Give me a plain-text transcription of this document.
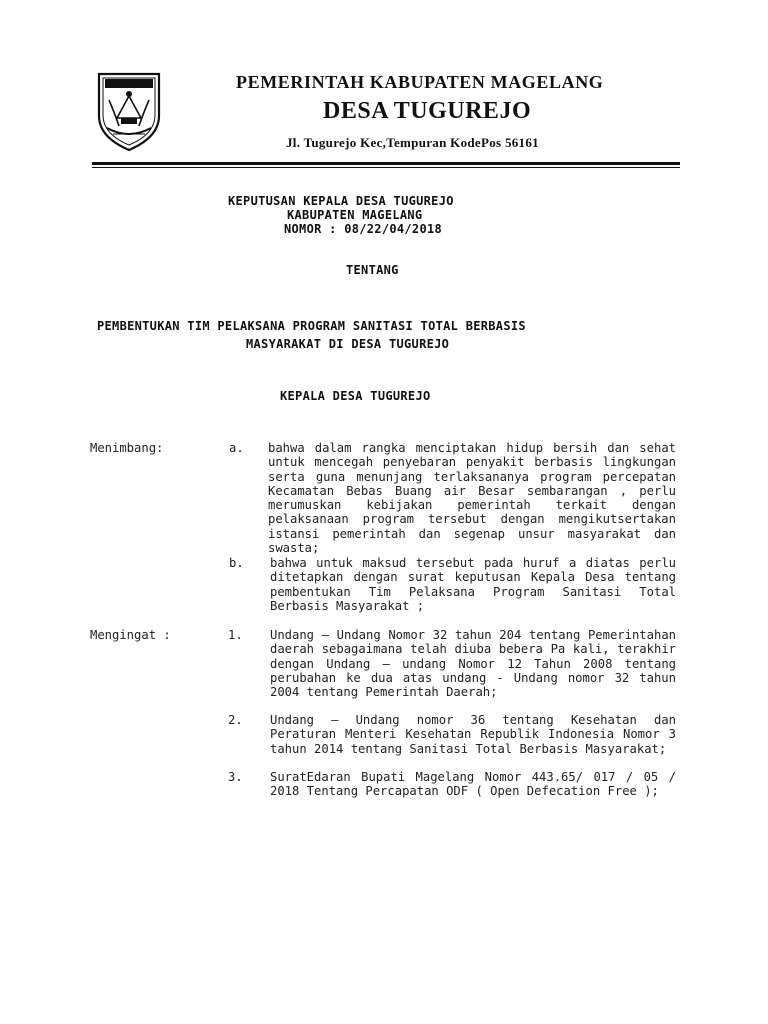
PEMERINTAH KABUPATEN MAGELANG
DESA TUGUREJO
Jl. Tugurejo Kec,Tempuran KodePos 56161
KEPUTUSAN KEPALA DESA TUGUREJO
KABUPATEN MAGELANG
NOMOR : 08/22/04/2018
TENTANG
PEMBENTUKAN TIM PELAKSANA PROGRAM SANITASI TOTAL BERBASIS
MASYARAKAT DI DESA TUGUREJO
KEPALA DESA TUGUREJO
Menimbang:	a. bahwa dalam rangka menciptakan hidup bersih dan sehat untuk mencegah penyebaran penyakit berbasis lingkungan serta guna menunjang terlaksananya program percepatan Kecamatan Bebas Buang air Besar sembarangan , perlu merumuskan kebijakan pemerintah terkait dengan pelaksanaan program tersebut dengan mengikutsertakan istansi pemerintah dan segenap unsur masyarakat dan swasta;
b. bahwa untuk maksud tersebut pada huruf a diatas perlu ditetapkan dengan surat keputusan Kepala Desa tentang pembentukan Tim Pelaksana Program Sanitasi Total Berbasis Masyarakat ;
Mengingat :	1. Undang – Undang Nomor 32 tahun 204 tentang Pemerintahan daerah sebagaimana telah diuba bebera Pa kali, terakhir dengan Undang – undang Nomor 12 Tahun 2008 tentang perubahan ke dua atas undang - Undang nomor 32 tahun 2004 tentang Pemerintah Daerah;
2. Undang – Undang nomor 36 tentang Kesehatan dan Peraturan Menteri Kesehatan Republik Indonesia Nomor 3 tahun 2014 tentang Sanitasi Total Berbasis Masyarakat;
3. SuratEdaran Bupati Magelang Nomor 443.65/ 017 / 05 / 2018 Tentang Percapatan ODF ( Open Defecation Free );
